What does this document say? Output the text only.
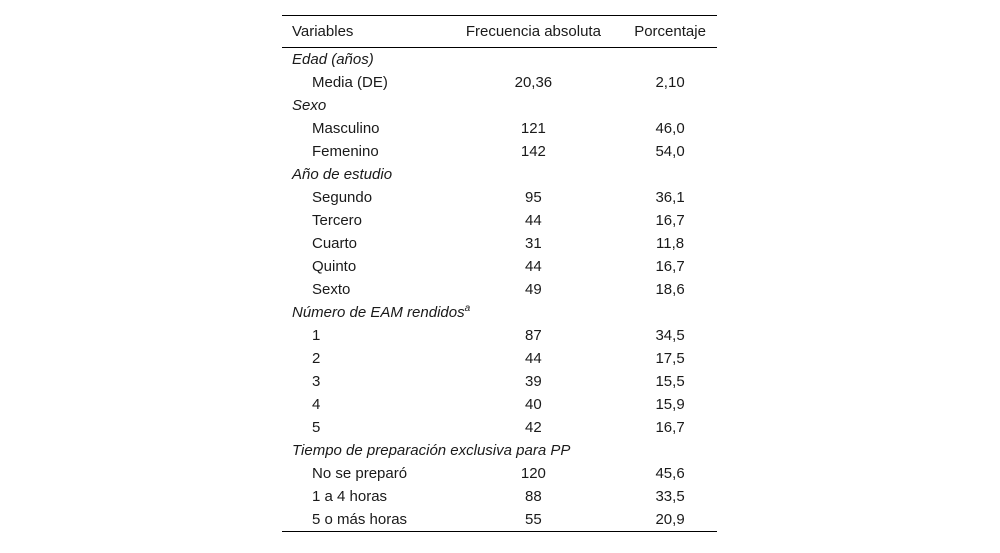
Variables	Frecuencia absoluta	Porcentaje
Edad (años)		
Media (DE)	20,36	2,10
Sexo		
Masculino	121	46,0
Femenino	142	54,0
Año de estudio		
Segundo	95	36,1
Tercero	44	16,7
Cuarto	31	11,8
Quinto	44	16,7
Sexto	49	18,6
Número de EAM rendidos$^a$
1	87	34,5
2	44	17,5
3	39	15,5
4	40	15,9
5	42	16,7
Tiempo de preparación exclusiva para PP		
No se preparó	120	45,6
1 a 4 horas	88	33,5
5 o más horas	55	20,9
